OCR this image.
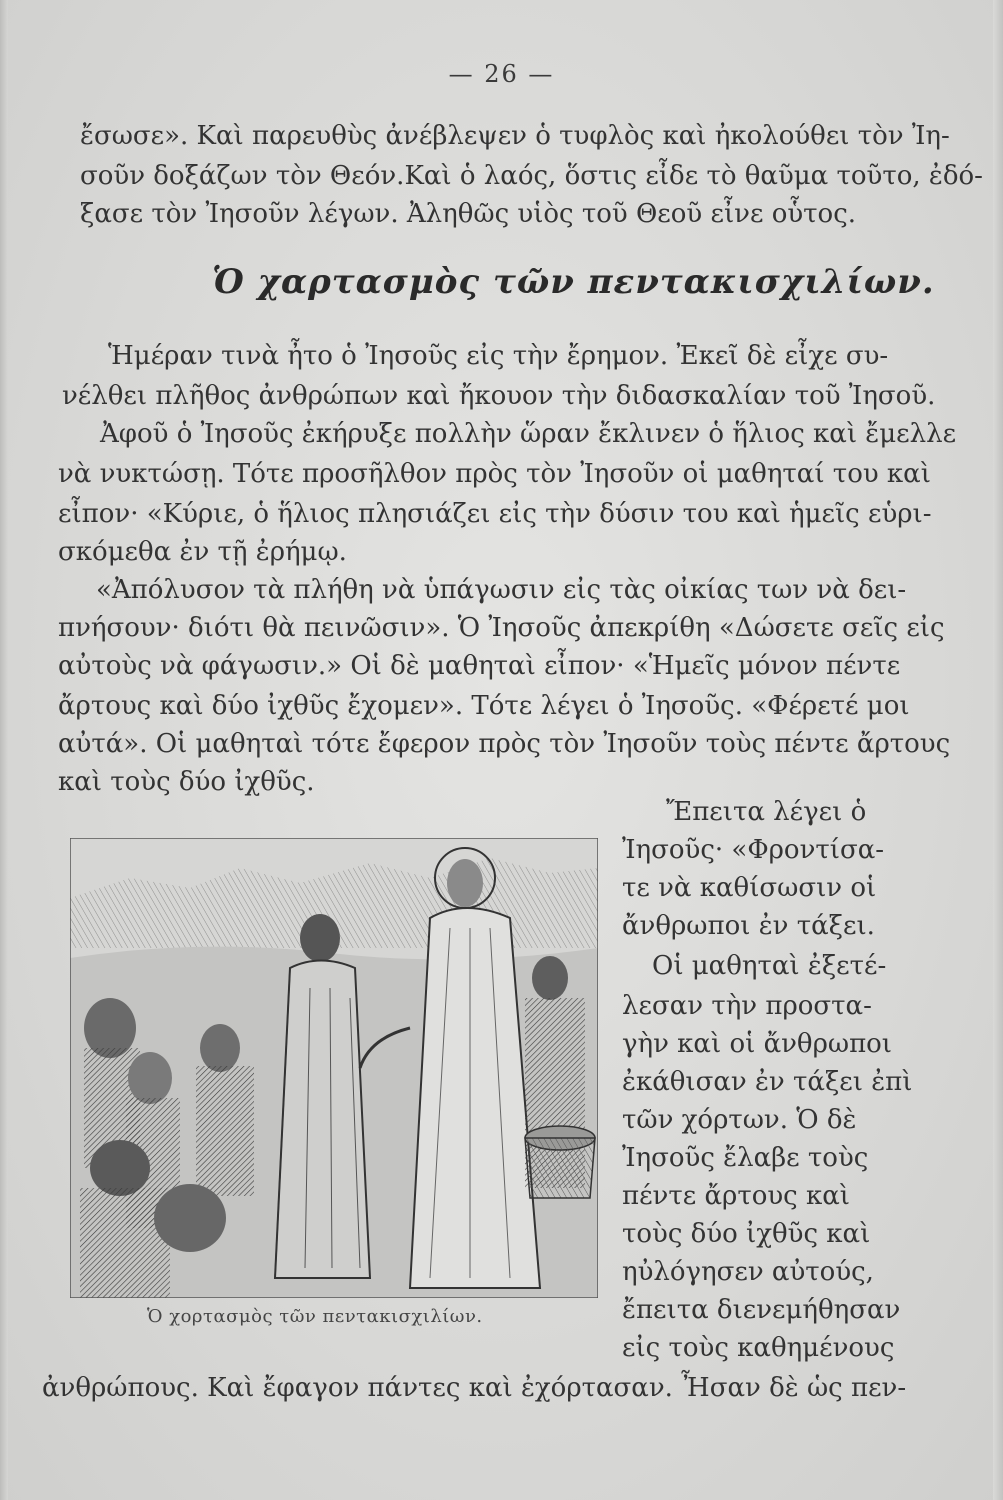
— 26 —
ἔσωσε». Καὶ παρευθὺς ἀνέβλεψεν ὁ τυφλὸς καὶ ἠκολούθει τὸν Ἰη-
σοῦν δοξάζων τὸν Θεόν.Καὶ ὁ λαός, ὅστις εἶδε τὸ θαῦμα τοῦτο, ἐδό-
ξασε τὸν Ἰησοῦν λέγων. Ἀληθῶς υἱὸς τοῦ Θεοῦ εἶνε οὗτος.
Ὁ χαρτασμὸς τῶν πεντακισχιλίων.
Ἡμέραν τινὰ ἦτο ὁ Ἰησοῦς εἰς τὴν ἔρημον. Ἐκεῖ δὲ εἶχε συ-
νέλθει πλῆθος ἀνθρώπων καὶ ἤκουον τὴν διδασκαλίαν τοῦ Ἰησοῦ.
Ἀφοῦ ὁ Ἰησοῦς ἐκήρυξε πολλὴν ὥραν ἔκλινεν ὁ ἥλιος καὶ ἔμελλε
νὰ νυκτώσῃ. Τότε προσῆλθον πρὸς τὸν Ἰησοῦν οἱ μαθηταί του καὶ
εἶπον· «Κύριε, ὁ ἥλιος πλησιάζει εἰς τὴν δύσιν του καὶ ἡμεῖς εὑρι-
σκόμεθα ἐν τῇ ἐρήμῳ.
«Ἀπόλυσον τὰ πλήθη νὰ ὑπάγωσιν εἰς τὰς οἰκίας των νὰ δει-
πνήσουν· διότι θὰ πεινῶσιν». Ὁ Ἰησοῦς ἀπεκρίθη «Δώσετε σεῖς εἰς
αὐτοὺς νὰ φάγωσιν.» Οἱ δὲ μαθηταὶ εἶπον· «Ἡμεῖς μόνον πέντε
ἄρτους καὶ δύο ἰχθῦς ἔχομεν». Τότε λέγει ὁ Ἰησοῦς. «Φέρετέ μοι
αὐτά». Οἱ μαθηταὶ τότε ἔφερον πρὸς τὸν Ἰησοῦν τοὺς πέντε ἄρτους
καὶ τοὺς δύο ἰχθῦς.
Ὁ χορτασμὸς τῶν πεντακισχιλίων.
Ἔπειτα λέγει ὁ
Ἰησοῦς· «Φροντίσα-
τε νὰ καθίσωσιν οἱ
ἄνθρωποι ἐν τάξει.
Οἱ μαθηταὶ ἐξετέ-
λεσαν τὴν προστα-
γὴν καὶ οἱ ἄνθρωποι
ἐκάθισαν ἐν τάξει ἐπὶ
τῶν χόρτων. Ὁ δὲ
Ἰησοῦς ἔλαβε τοὺς
πέντε ἄρτους καὶ
τοὺς δύο ἰχθῦς καὶ
ηὐλόγησεν αὐτούς,
ἔπειτα διενεμήθησαν
εἰς τοὺς καθημένους
ἀνθρώπους. Καὶ ἔφαγον πάντες καὶ ἐχόρτασαν. Ἦσαν δὲ ὡς πεν-
